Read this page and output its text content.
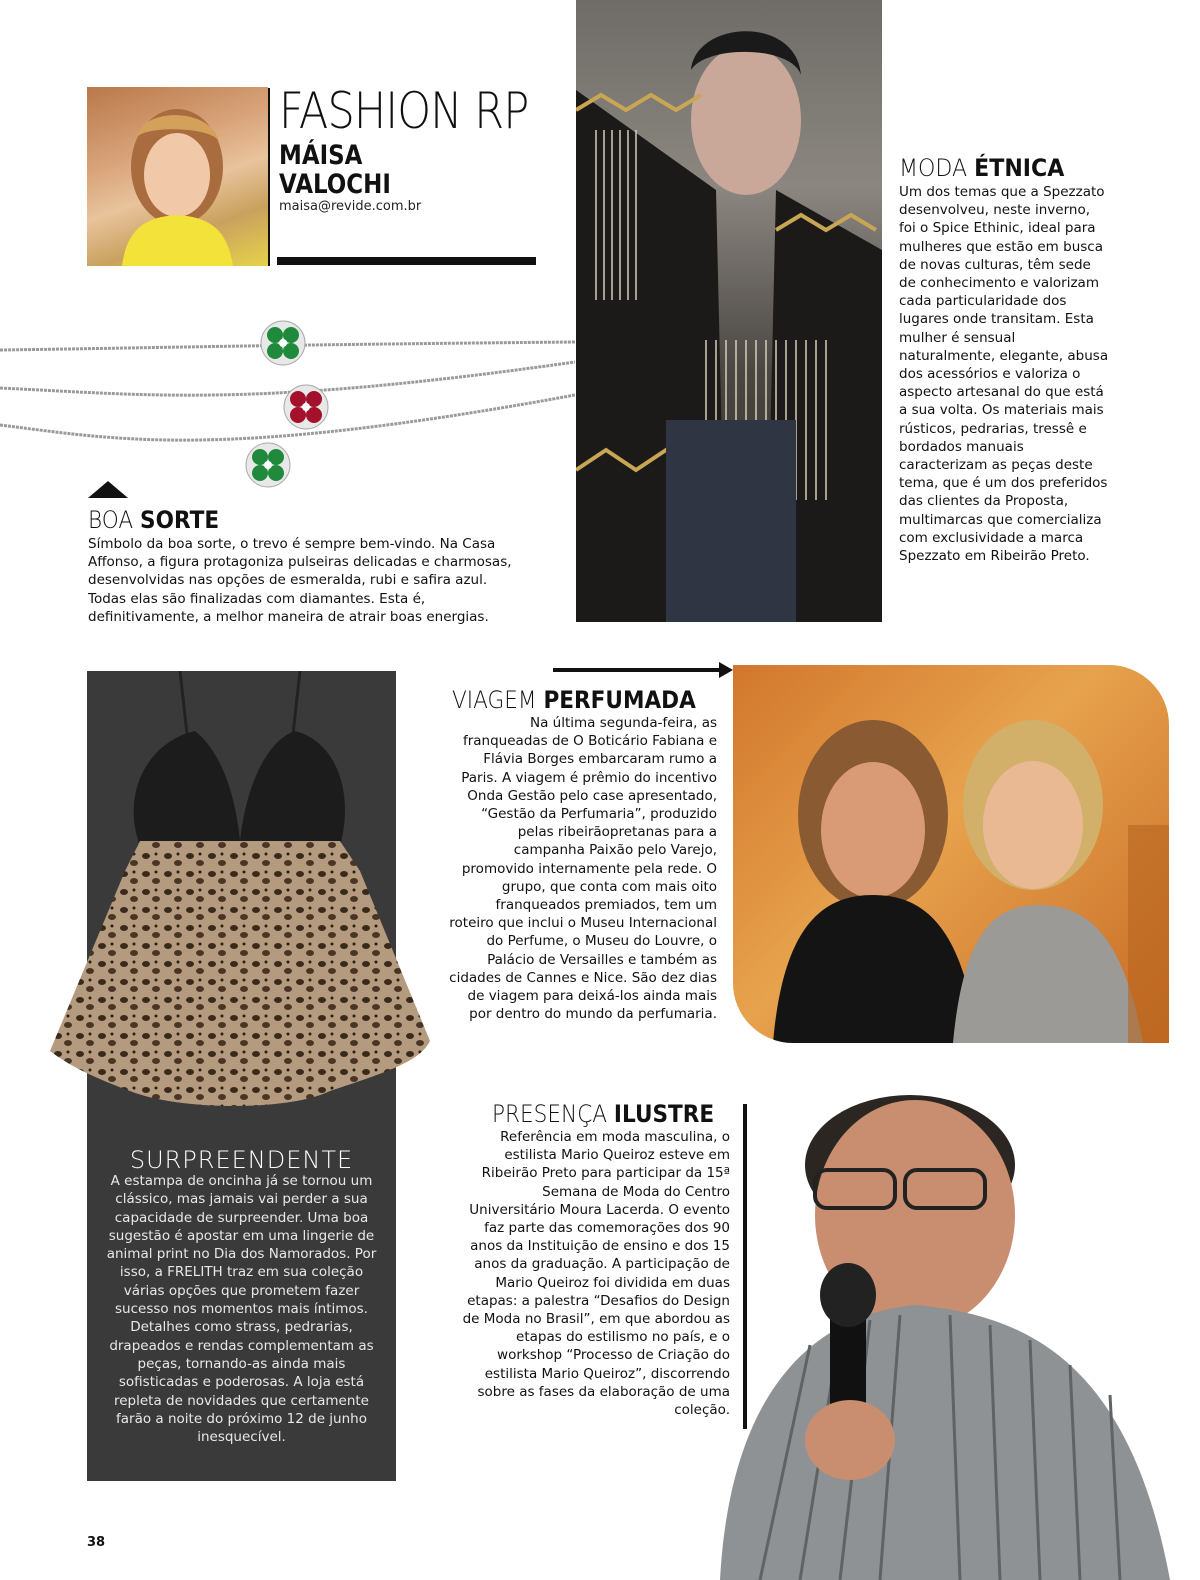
FASHION RP
MÁISA
VALOCHI
maisa@revide.com.br
BOA SORTE
Símbolo da boa sorte, o trevo é sempre bem-vindo. Na Casa Affonso, a figura protagoniza pulseiras delicadas e charmosas, desenvolvidas nas opções de esmeralda, rubi e safira azul. Todas elas são finalizadas com diamantes. Esta é, definitivamente, a melhor maneira de atrair boas energias.
MODA ÉTNICA
Um dos temas que a Spezzato desenvolveu, neste inverno, foi o Spice Ethinic, ideal para mulheres que estão em busca de novas culturas, têm sede de conhecimento e valorizam cada particularidade dos lugares onde transitam. Esta mulher é sensual naturalmente, elegante, abusa dos acessórios e valoriza o aspecto artesanal do que está a sua volta. Os materiais mais rústicos, pedrarias, tressê e bordados manuais caracterizam as peças deste tema, que é um dos preferidos das clientes da Proposta, multimarcas que comercializa com exclusividade a marca Spezzato em Ribeirão Preto.
SURPREENDENTE
A estampa de oncinha já se tornou um clássico, mas jamais vai perder a sua capacidade de surpreender. Uma boa sugestão é apostar em uma lingerie de animal print no Dia dos Namorados. Por isso, a FRELITH traz em sua coleção várias opções que prometem fazer sucesso nos momentos mais íntimos. Detalhes como strass, pedrarias, drapeados e rendas complementam as peças, tornando-as ainda mais sofisticadas e poderosas. A loja está repleta de novidades que certamente farão a noite do próximo 12 de junho inesquecível.
VIAGEM PERFUMADA
Na última segunda-feira, as franqueadas de O Boticário Fabiana e Flávia Borges embarcaram rumo a Paris. A viagem é prêmio do incentivo Onda Gestão pelo case apresentado, “Gestão da Perfumaria”, produzido pelas ribeirãopretanas para a campanha Paixão pelo Varejo, promovido internamente pela rede. O grupo, que conta com mais oito franqueados premiados, tem um roteiro que inclui o Museu Internacional do Perfume, o Museu do Louvre, o Palácio de Versailles e também as cidades de Cannes e Nice. São dez dias de viagem para deixá-los ainda mais por dentro do mundo da perfumaria.
PRESENÇA ILUSTRE
Referência em moda masculina, o estilista Mario Queiroz esteve em Ribeirão Preto para participar da 15ª Semana de Moda do Centro Universitário Moura Lacerda. O evento faz parte das comemorações dos 90 anos da Instituição de ensino e dos 15 anos da graduação. A participação de Mario Queiroz foi dividida em duas etapas: a palestra “Desafios do Design de Moda no Brasil”, em que abordou as etapas do estilismo no país, e o workshop “Processo de Criação do estilista Mario Queiroz”, discorrendo sobre as fases da elaboração de uma coleção.
38
